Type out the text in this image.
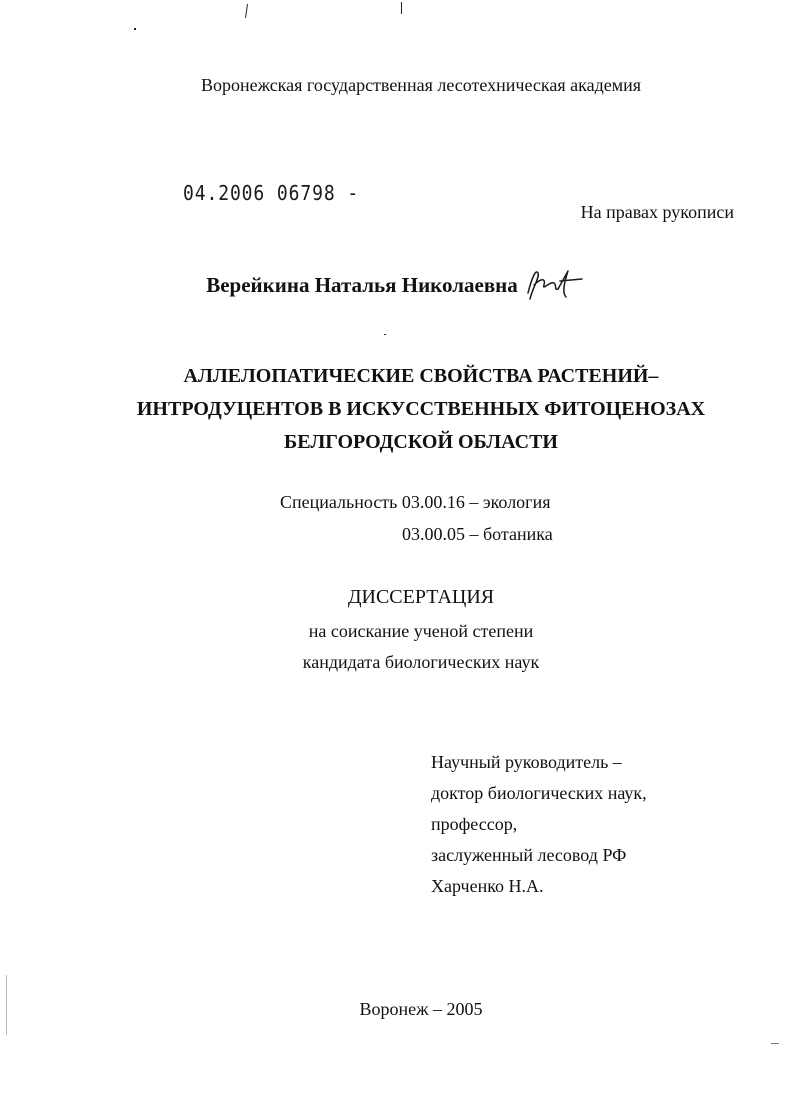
Воронежская государственная лесотехническая академия
04.2006 06798 -
На правах рукописи
Верейкина Наталья Николаевна
АЛЛЕЛОПАТИЧЕСКИЕ СВОЙСТВА РАСТЕНИЙ–
ИНТРОДУЦЕНТОВ В ИСКУССТВЕННЫХ ФИТОЦЕНОЗАХ
БЕЛГОРОДСКОЙ ОБЛАСТИ
Специальность 03.00.16 – экология
03.00.05 – ботаника
ДИССЕРТАЦИЯ
на соискание ученой степени
кандидата биологических наук
Научный руководитель –
доктор биологических наук,
профессор,
заслуженный лесовод РФ
Харченко Н.А.
Воронеж – 2005
